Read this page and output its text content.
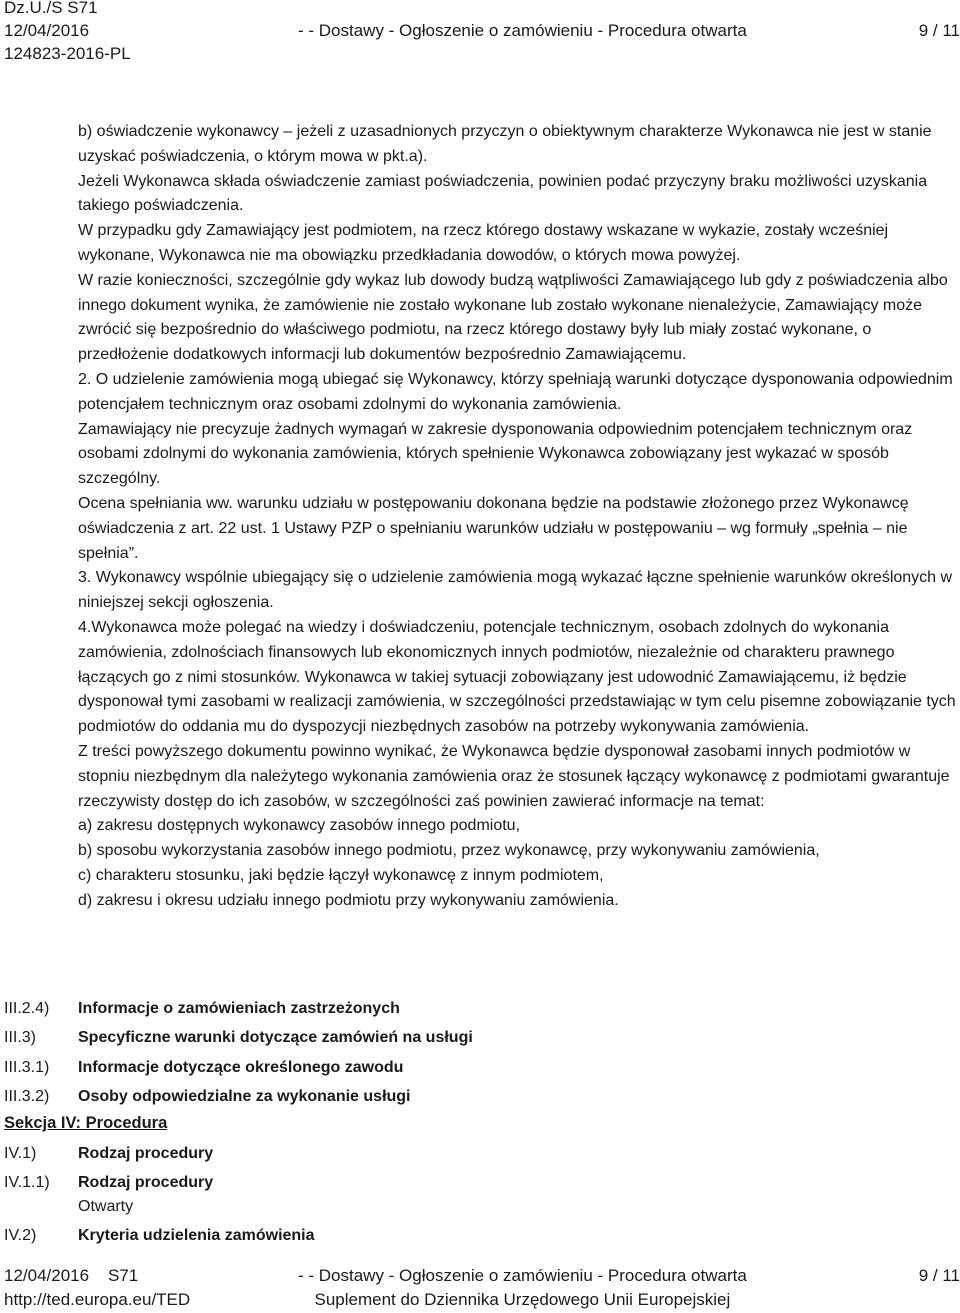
Dz.U./S S71
12/04/2016
124823-2016-PL
- - Dostawy - Ogłoszenie o zamówieniu - Procedura otwarta	9 / 11

b) oświadczenie wykonawcy – jeżeli z uzasadnionych przyczyn o obiektywnym charakterze Wykonawca nie jest w stanie uzyskać poświadczenia, o którym mowa w pkt.a).

Jeżeli Wykonawca składa oświadczenie zamiast poświadczenia, powinien podać przyczyny braku możliwości uzyskania takiego poświadczenia.

W przypadku gdy Zamawiający jest podmiotem, na rzecz którego dostawy wskazane w wykazie, zostały wcześniej wykonane, Wykonawca nie ma obowiązku przedkładania dowodów, o których mowa powyżej.

W razie konieczności, szczególnie gdy wykaz lub dowody budzą wątpliwości Zamawiającego lub gdy z poświadczenia albo innego dokument wynika, że zamówienie nie zostało wykonane lub zostało wykonane nienależycie, Zamawiający może zwrócić się bezpośrednio do właściwego podmiotu, na rzecz którego dostawy były lub miały zostać wykonane, o przedłożenie dodatkowych informacji lub dokumentów bezpośrednio Zamawiającemu.

2. O udzielenie zamówienia mogą ubiegać się Wykonawcy, którzy spełniają warunki dotyczące dysponowania odpowiednim potencjałem technicznym oraz osobami zdolnymi do wykonania zamówienia.

Zamawiający nie precyzuje żadnych wymagań w zakresie dysponowania odpowiednim potencjałem technicznym oraz osobami zdolnymi do wykonania zamówienia, których spełnienie Wykonawca zobowiązany jest wykazać w sposób szczególny.

Ocena spełniania ww. warunku udziału w postępowaniu dokonana będzie na podstawie złożonego przez Wykonawcę oświadczenia z art. 22 ust. 1 Ustawy PZP o spełnianiu warunków udziału w postępowaniu – wg formuły „spełnia – nie spełnia”.

3. Wykonawcy wspólnie ubiegający się o udzielenie zamówienia mogą wykazać łączne spełnienie warunków określonych w niniejszej sekcji ogłoszenia.

4.Wykonawca może polegać na wiedzy i doświadczeniu, potencjale technicznym, osobach zdolnych do wykonania zamówienia, zdolnościach finansowych lub ekonomicznych innych podmiotów, niezależnie od charakteru prawnego łączących go z nimi stosunków. Wykonawca w takiej sytuacji zobowiązany jest udowodnić Zamawiającemu, iż będzie dysponował tymi zasobami w realizacji zamówienia, w szczególności przedstawiając w tym celu pisemne zobowiązanie tych podmiotów do oddania mu do dyspozycji niezbędnych zasobów na potrzeby wykonywania zamówienia.

Z treści powyższego dokumentu powinno wynikać, że Wykonawca będzie dysponował zasobami innych podmiotów w stopniu niezbędnym dla należytego wykonania zamówienia oraz że stosunek łączący wykonawcę z podmiotami gwarantuje rzeczywisty dostęp do ich zasobów, w szczególności zaś powinien zawierać informacje na temat:

a) zakresu dostępnych wykonawcy zasobów innego podmiotu,

b) sposobu wykorzystania zasobów innego podmiotu, przez wykonawcę, przy wykonywaniu zamówienia,

c) charakteru stosunku, jaki będzie łączył wykonawcę z innym podmiotem,

d) zakresu i okresu udziału innego podmiotu przy wykonywaniu zamówienia.

III.2.4)	Informacje o zamówieniach zastrzeżonych
III.3)	Specyficzne warunki dotyczące zamówień na usługi
III.3.1)	Informacje dotyczące określonego zawodu
III.3.2)	Osoby odpowiedzialne za wykonanie usługi
Sekcja IV: Procedura
IV.1)	Rodzaj procedury
IV.1.1)	Rodzaj procedury
Otwarty
IV.2)	Kryteria udzielenia zamówienia
12/04/2016    S71
http://ted.europa.eu/TED
- - Dostawy - Ogłoszenie o zamówieniu - Procedura otwarta
Suplement do Dziennika Urzędowego Unii Europejskiej
9 / 11
